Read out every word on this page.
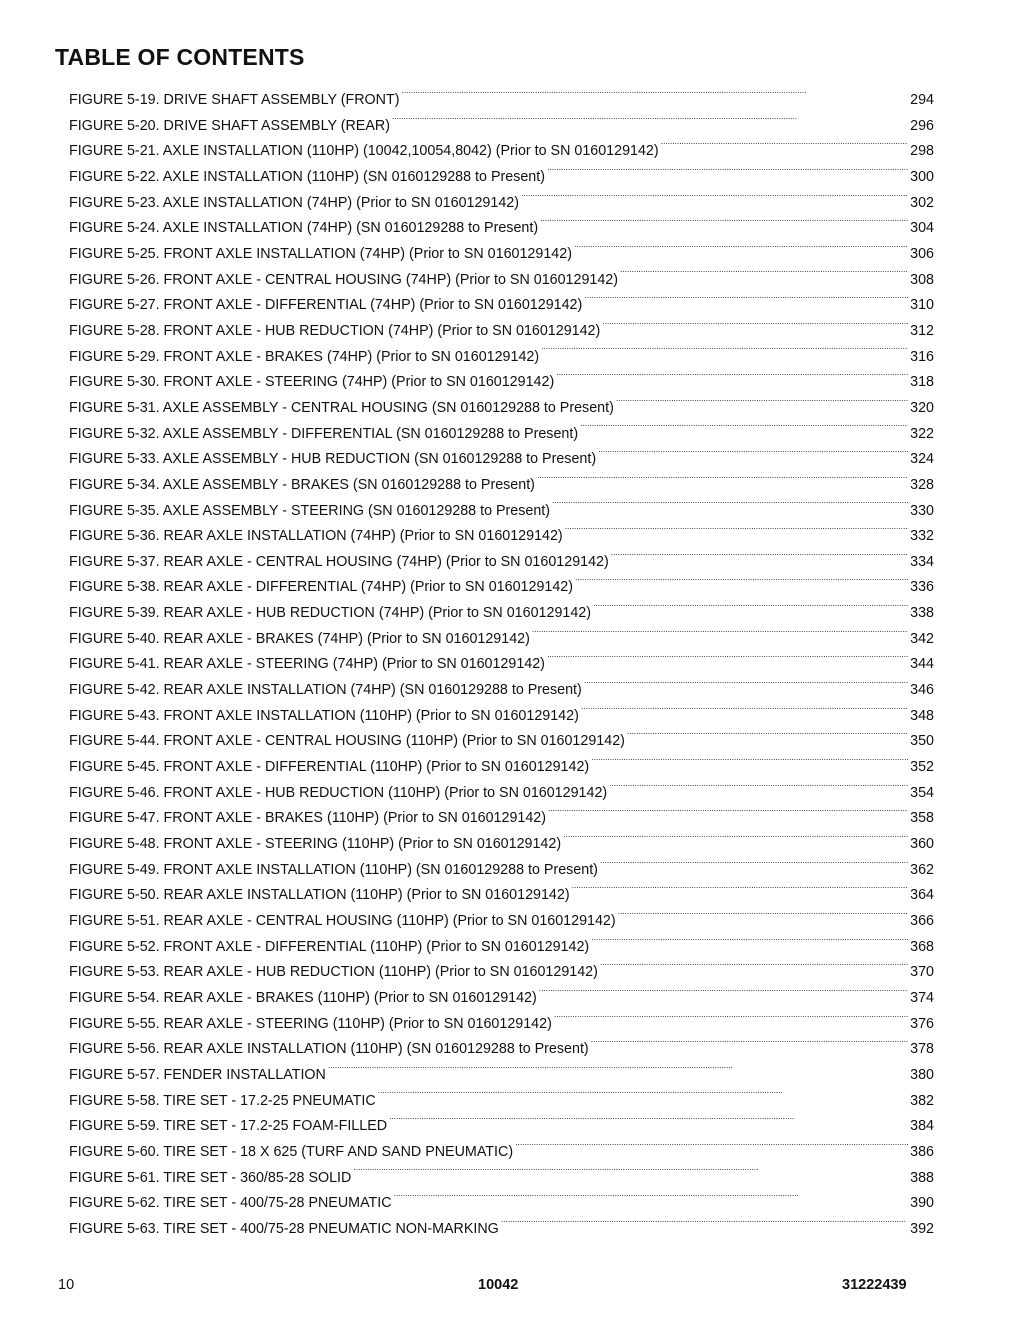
TABLE OF CONTENTS
FIGURE 5-19. DRIVE SHAFT ASSEMBLY (FRONT) . . .	294
FIGURE 5-20. DRIVE SHAFT ASSEMBLY (REAR) . . .	296
FIGURE 5-21. AXLE INSTALLATION (110HP) (10042,10054,8042) (Prior to SN 0160129142) . . .	298
FIGURE 5-22. AXLE INSTALLATION (110HP) (SN 0160129288 to Present) . . .	300
FIGURE 5-23. AXLE INSTALLATION (74HP) (Prior to SN 0160129142) . . .	302
FIGURE 5-24. AXLE INSTALLATION (74HP) (SN 0160129288 to Present) . . .	304
FIGURE 5-25. FRONT AXLE INSTALLATION (74HP) (Prior to SN 0160129142) . . .	306
FIGURE 5-26. FRONT AXLE - CENTRAL HOUSING (74HP) (Prior to SN 0160129142) . . .	308
FIGURE 5-27. FRONT AXLE - DIFFERENTIAL (74HP) (Prior to SN 0160129142) . . .	310
FIGURE 5-28. FRONT AXLE - HUB REDUCTION (74HP) (Prior to SN 0160129142) . . .	312
FIGURE 5-29. FRONT AXLE - BRAKES (74HP) (Prior to SN 0160129142) . . .	316
FIGURE 5-30. FRONT AXLE - STEERING (74HP) (Prior to SN 0160129142) . . .	318
FIGURE 5-31. AXLE ASSEMBLY - CENTRAL HOUSING (SN 0160129288 to Present) . . .	320
FIGURE 5-32. AXLE ASSEMBLY - DIFFERENTIAL (SN 0160129288 to Present) . . .	322
FIGURE 5-33. AXLE ASSEMBLY - HUB REDUCTION (SN 0160129288 to Present) . . .	324
FIGURE 5-34. AXLE ASSEMBLY - BRAKES (SN 0160129288 to Present) . . .	328
FIGURE 5-35. AXLE ASSEMBLY - STEERING (SN 0160129288 to Present) . . .	330
FIGURE 5-36. REAR AXLE INSTALLATION (74HP) (Prior to SN 0160129142) . . .	332
FIGURE 5-37. REAR AXLE - CENTRAL HOUSING (74HP) (Prior to SN 0160129142) . . .	334
FIGURE 5-38. REAR AXLE - DIFFERENTIAL (74HP) (Prior to SN 0160129142) . . .	336
FIGURE 5-39. REAR AXLE - HUB REDUCTION (74HP) (Prior to SN 0160129142) . . .	338
FIGURE 5-40. REAR AXLE - BRAKES (74HP) (Prior to SN 0160129142) . . .	342
FIGURE 5-41. REAR AXLE - STEERING (74HP) (Prior to SN 0160129142) . . .	344
FIGURE 5-42. REAR AXLE INSTALLATION (74HP) (SN 0160129288 to Present) . . .	346
FIGURE 5-43. FRONT AXLE INSTALLATION (110HP) (Prior to SN 0160129142) . . .	348
FIGURE 5-44. FRONT AXLE - CENTRAL HOUSING (110HP) (Prior to SN 0160129142) . . .	350
FIGURE 5-45. FRONT AXLE - DIFFERENTIAL (110HP) (Prior to SN 0160129142) . . .	352
FIGURE 5-46. FRONT AXLE - HUB REDUCTION (110HP) (Prior to SN 0160129142) . . .	354
FIGURE 5-47. FRONT AXLE - BRAKES (110HP) (Prior to SN 0160129142) . . .	358
FIGURE 5-48. FRONT AXLE - STEERING (110HP) (Prior to SN 0160129142) . . .	360
FIGURE 5-49. FRONT AXLE INSTALLATION (110HP) (SN 0160129288 to Present) . . .	362
FIGURE 5-50. REAR AXLE INSTALLATION (110HP) (Prior to SN 0160129142) . . .	364
FIGURE 5-51. REAR AXLE - CENTRAL HOUSING (110HP) (Prior to SN 0160129142) . . .	366
FIGURE 5-52. FRONT AXLE - DIFFERENTIAL (110HP) (Prior to SN 0160129142) . . .	368
FIGURE 5-53. REAR AXLE - HUB REDUCTION (110HP) (Prior to SN 0160129142) . . .	370
FIGURE 5-54. REAR AXLE - BRAKES (110HP) (Prior to SN 0160129142) . . .	374
FIGURE 5-55. REAR AXLE - STEERING (110HP) (Prior to SN 0160129142) . . .	376
FIGURE 5-56. REAR AXLE INSTALLATION (110HP) (SN 0160129288 to Present) . . .	378
FIGURE 5-57. FENDER INSTALLATION . . .	380
FIGURE 5-58. TIRE SET - 17.2-25 PNEUMATIC . . .	382
FIGURE 5-59. TIRE SET - 17.2-25 FOAM-FILLED . . .	384
FIGURE 5-60. TIRE SET - 18 X 625 (TURF AND SAND PNEUMATIC) . . .	386
FIGURE 5-61. TIRE SET - 360/85-28 SOLID . . .	388
FIGURE 5-62. TIRE SET - 400/75-28 PNEUMATIC . . .	390
FIGURE 5-63. TIRE SET - 400/75-28 PNEUMATIC NON-MARKING . . .	392
10	10042	31222439
